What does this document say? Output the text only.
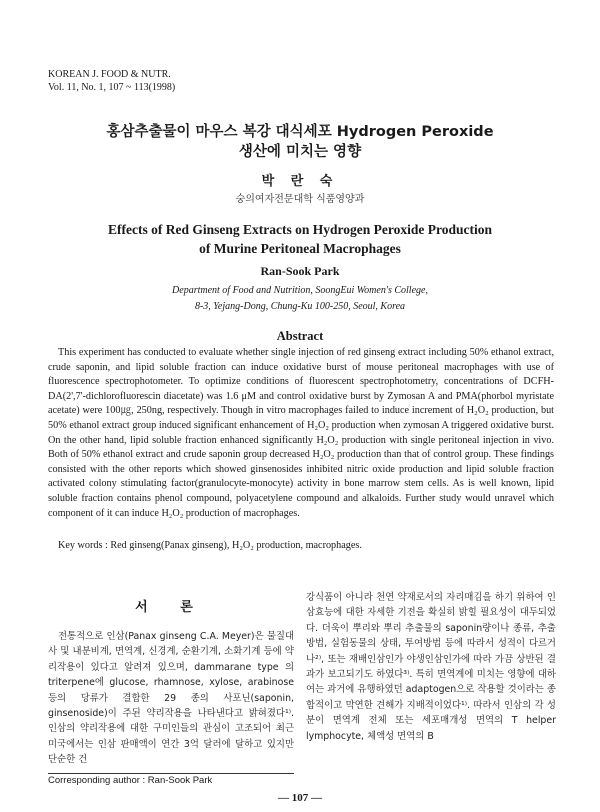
KOREAN J. FOOD & NUTR.
Vol. 11, No. 1, 107 ~ 113(1998)
홍삼추출물이 마우스 복강 대식세포 Hydrogen Peroxide
생산에 미치는 영향
박 란 숙
숭의여자전문대학 식품영양과
Effects of Red Ginseng Extracts on Hydrogen Peroxide Production
of Murine Peritoneal Macrophages
Ran-Sook Park
Department of Food and Nutrition, SoongEui Women's College,
8-3, Yejang-Dong, Chung-Ku 100-250, Seoul, Korea
Abstract

This experiment has conducted to evaluate whether single injection of red ginseng extract including 50% ethanol extract, crude saponin, and lipid soluble fraction can induce oxidative burst of mouse peritoneal macrophages with use of fluorescence spectrophotometer. To optimize conditions of fluorescent spectrophotometry, concentrations of DCFH-DA(2',7'-dichlorofluorescin diacetate) was 1.6 μM and control oxidative burst by Zymosan A and PMA(phorbol myristate acetate) were 100㎍, 250ng, respectively. Though in vitro macrophages failed to induce increment of H₂O₂ production, but 50% ethanol extract group induced significant enhancement of H₂O₂ production when zymosan A triggered oxidative burst. On the other hand, lipid soluble fraction enhanced significantly H₂O₂ production with single peritoneal injection in vivo. Both of 50% ethanol extract and crude saponin group decreased H₂O₂ production than that of control group. These findings consisted with the other reports which showed ginsenosides inhibited nitric oxide production and lipid soluble fraction activated colony stimulating factor(granulocyte-monocyte) activity in bone marrow stem cells. As is well known, lipid soluble fraction contains phenol compound, polyacetylene compound and alkaloids. Further study would unravel which component of it can induce H₂O₂ production of macrophages.

Key words : Red ginseng(Panax ginseng), H₂O₂ production, macrophages.
서 론

전통적으로 인삼(Panax ginseng C.A. Meyer)은 물질대사 및 내분비계, 면역계, 신경계, 순환기계, 소화기계 등에 약리작용이 있다고 알려져 있으며, dammarane type 의 triterpene에 glucose, rhamnose, xylose, arabinose 등의 당류가 결합한 29 종의 사포닌(saponin, ginsenoside)이 주된 약리작용을 나타낸다고 밝혀졌다¹⁾. 인삼의 약리작용에 대한 구미인들의 관심이 고조되어 최근 미국에서는 인삼 판매액이 연간 3억 달러에 달하고 있지만 단순한 건

강식품이 아니라 천연 약재로서의 자리매김을 하기 위하여 인삼효능에 대한 자세한 기전을 확실히 밝힐 필요성이 대두되었다. 더욱이 뿌리와 뿌리 추출물의 saponin량이나 종류, 추출방법, 실험동물의 상태, 투여방법 등에 따라서 성적이 다르거나²⁾, 또는 재배인삼인가 야생인삼인가에 따라 가끔 상반된 결과가 보고되기도 하였다³⁾. 특히 면역계에 미치는 영향에 대하여는 과거에 유행하였던 adaptogen으로 작용할 것이라는 종합적이고 막연한 견해가 지배적이었다¹⁾. 따라서 인삼의 각 성분이 면역계 전체 또는 세포매개성 면역의 T helper lymphocyte, 체액성 면역의 B

Corresponding author : Ran-Sook Park
— 107 —
